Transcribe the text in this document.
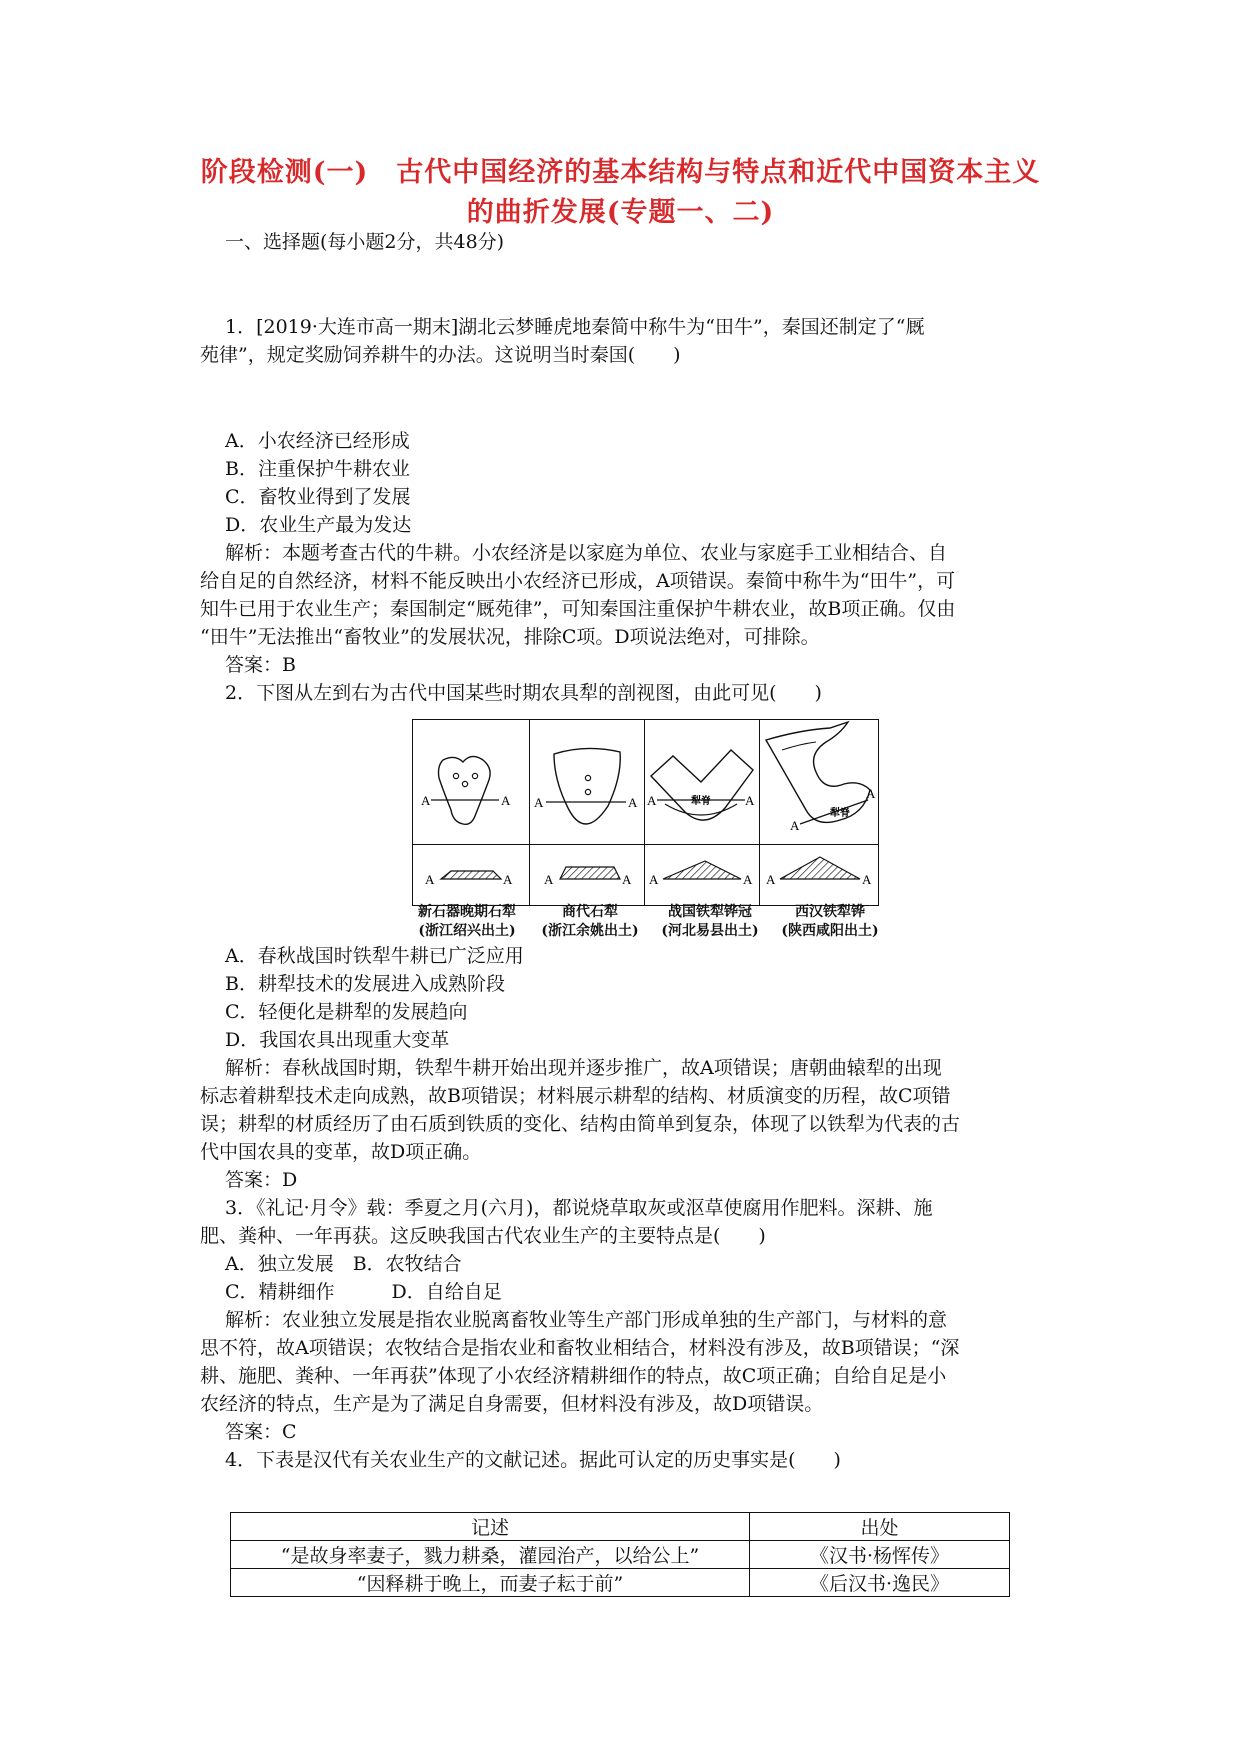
阶段检测(一)　古代中国经济的基本结构与特点和近代中国资本主义
的曲折发展(专题一、二)
一、选择题(每小题2分，共48分)
1．[2019·大连市高一期末]湖北云梦睡虎地秦简中称牛为“田牛”，秦国还制定了“厩
苑律”，规定奖励饲养耕牛的办法。这说明当时秦国(　　)
A．小农经济已经形成
B．注重保护牛耕农业
C．畜牧业得到了发展
D．农业生产最为发达
解析：本题考查古代的牛耕。小农经济是以家庭为单位、农业与家庭手工业相结合、自
给自足的自然经济，材料不能反映出小农经济已形成，A项错误。秦简中称牛为“田牛”，可
知牛已用于农业生产；秦国制定“厩苑律”，可知秦国注重保护牛耕农业，故B项正确。仅由
“田牛”无法推出“畜牧业”的发展状况，排除C项。D项说法绝对，可排除。
答案：B
2．下图从左到右为古代中国某些时期农具犁的剖视图，由此可见(　　)
A A	A A	A A
犁脊	A
A
犁脊

A A	A A	A A	A A
新石器晚期石犁
(浙江绍兴出土)
商代石犁
(浙江余姚出土)
战国铁犁铧冠
(河北易县出土)
西汉铁犁铧
(陕西咸阳出土)
A．春秋战国时铁犁牛耕已广泛应用
B．耕犁技术的发展进入成熟阶段
C．轻便化是耕犁的发展趋向
D．我国农具出现重大变革
解析：春秋战国时期，铁犁牛耕开始出现并逐步推广，故A项错误；唐朝曲辕犁的出现
标志着耕犁技术走向成熟，故B项错误；材料展示耕犁的结构、材质演变的历程，故C项错
误；耕犁的材质经历了由石质到铁质的变化、结构由简单到复杂，体现了以铁犁为代表的古
代中国农具的变革，故D项正确。
答案：D
3．《礼记·月令》载：季夏之月(六月)，都说烧草取灰或沤草使腐用作肥料。深耕、施
肥、粪种、一年再获。这反映我国古代农业生产的主要特点是(　　)
A．独立发展　B．农牧结合
C．精耕细作　　　D．自给自足
解析：农业独立发展是指农业脱离畜牧业等生产部门形成单独的生产部门，与材料的意
思不符，故A项错误；农牧结合是指农业和畜牧业相结合，材料没有涉及，故B项错误；“深
耕、施肥、粪种、一年再获”体现了小农经济精耕细作的特点，故C项正确；自给自足是小
农经济的特点，生产是为了满足自身需要，但材料没有涉及，故D项错误。
答案：C
4．下表是汉代有关农业生产的文献记述。据此可认定的历史事实是(　　)
记述	出处
“是故身率妻子，戮力耕桑，灌园治产，以给公上”	《汉书·杨恽传》
“因释耕于晚上，而妻子耘于前”	《后汉书·逸民》
